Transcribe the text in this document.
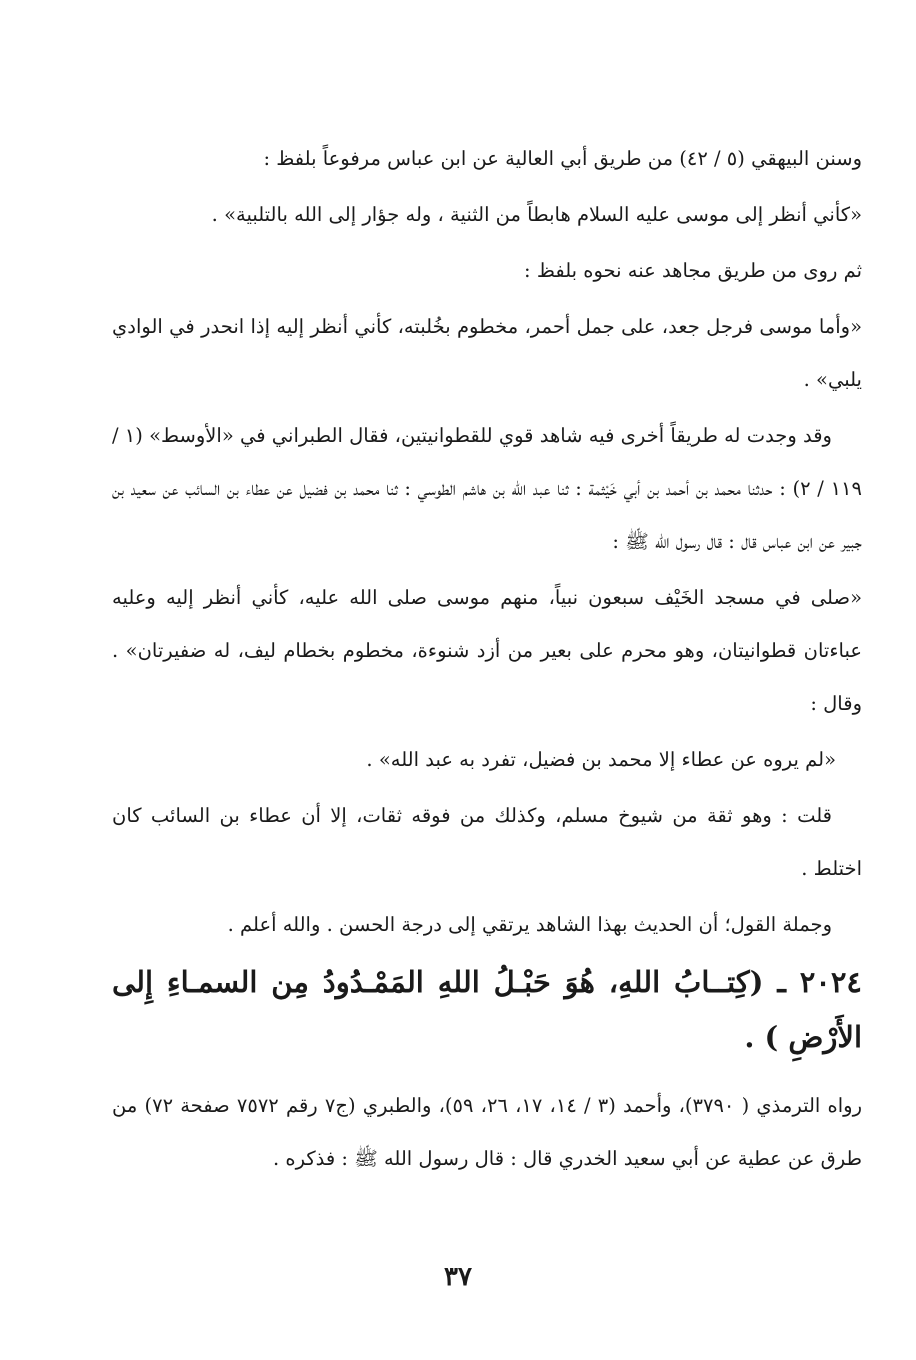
وسنن البيهقي (٥ / ٤٢) من طريق أبي العالية عن ابن عباس مرفوعاً بلفظ :

«كأني أنظر إلى موسى عليه السلام هابطاً من الثنية ، وله جؤار إلى الله بالتلبية» .

ثم روى من طريق مجاهد عنه نحوه بلفظ :

«وأما موسى فرجل جعد، على جمل أحمر، مخطوم بخُلبته، كأني أنظر إليه إذا انحدر في الوادي يلبي» .

وقد وجدت له طريقاً أخرى فيه شاهد قوي للقطوانيتين، فقال الطبراني في «الأوسط» (١ / ١١٩ / ٢) : حدثنا محمد بن أحمد بن أبي خَيْثمة : ثنا عبد الله بن هاشم الطوسي : ثنا محمد بن فضيل عن عطاء بن السائب عن سعيد بن جبير عن ابن عباس قال : قال رسول الله ﷺ :

«صلى في مسجد الخَيْف سبعون نبياً، منهم موسى صلى الله عليه، كأني أنظر إليه وعليه عباءتان قطوانيتان، وهو محرم على بعير من أزد شنوءة، مخطوم بخطام ليف، له ضفيرتان» . وقال :

«لم يروه عن عطاء إلا محمد بن فضيل، تفرد به عبد الله» .

قلت : وهو ثقة من شيوخ مسلم، وكذلك من فوقه ثقات، إلا أن عطاء بن السائب كان اختلط .

وجملة القول؛ أن الحديث بهذا الشاهد يرتقي إلى درجة الحسن . والله أعلم .

٢٠٢٤ ـ (كِتــابُ اللهِ، هُوَ حَبْـلُ اللهِ المَمْـدُودُ مِن السمـاءِ إِلى الأَرْضِ ) .

رواه الترمذي ( ٣٧٩٠)، وأحمد (٣ / ١٤، ١٧، ٢٦، ٥٩)، والطبري (ج٧ رقم ٧٥٧٢ صفحة ٧٢) من طرق عن عطية عن أبي سعيد الخدري قال : قال رسول الله ﷺ : فذكره .

٣٧
